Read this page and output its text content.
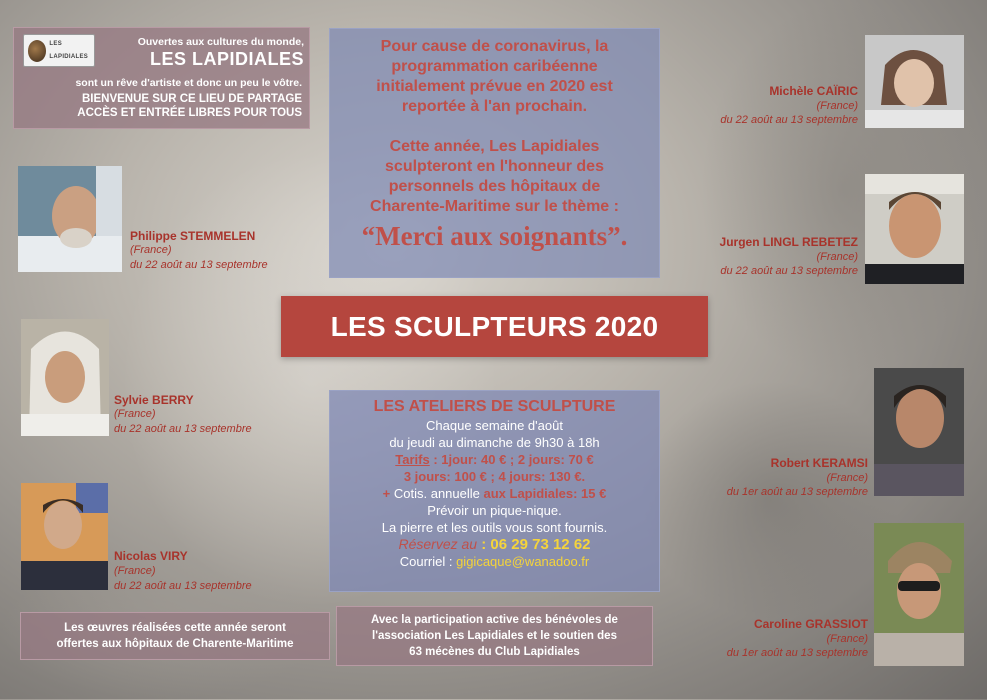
LES LAPIDIALES
Ouvertes aux cultures du monde,
LES LAPIDIALES
sont un rêve d'artiste et donc un peu le vôtre.
BIENVENUE SUR CE LIEU DE PARTAGE
ACCÈS ET ENTRÉE LIBRES POUR TOUS

Pour cause de coronavirus, la

programmation caribéenne

initialement prévue en 2020 est

reportée à l'an prochain.

Cette année, Les Lapidiales

sculpteront en l'honneur des

personnels des hôpitaux de

Charente-Maritime sur le thème :

“Merci aux soignants”.

LES SCULPTEURS 2020
LES ATELIERS DE SCULPTURE
Chaque semaine d'août
du jeudi au dimanche de 9h30 à 18h
Tarifs : 1jour: 40 € ; 2 jours: 70 €
3 jours: 100 € ; 4 jours: 130 €.
+ Cotis. annuelle aux Lapidiales: 15 €
Prévoir un pique-nique.
La pierre et les outils vous sont fournis.
Réservez au : 06 29 73 12 62
Courriel : gigicaque@wanadoo.fr
Les œuvres réalisées cette année seront
offertes aux hôpitaux de Charente-Maritime
Avec la participation active des bénévoles de
l'association Les Lapidiales et le soutien des
63 mécènes du Club Lapidiales
Philippe STEMMELEN
(France)
du 22 août au 13 septembre
Sylvie BERRY
(France)
du 22 août au 13 septembre
Nicolas VIRY
(France)
du 22 août au 13 septembre
Michèle CAÏRIC
(France)
du 22 août au 13 septembre
Jurgen LINGL REBETEZ
(France)
du 22 août au 13 septembre
Robert KERAMSI
(France)
du 1er août au 13 septembre
Caroline GRASSIOT
(France)
du 1er août au 13 septembre
